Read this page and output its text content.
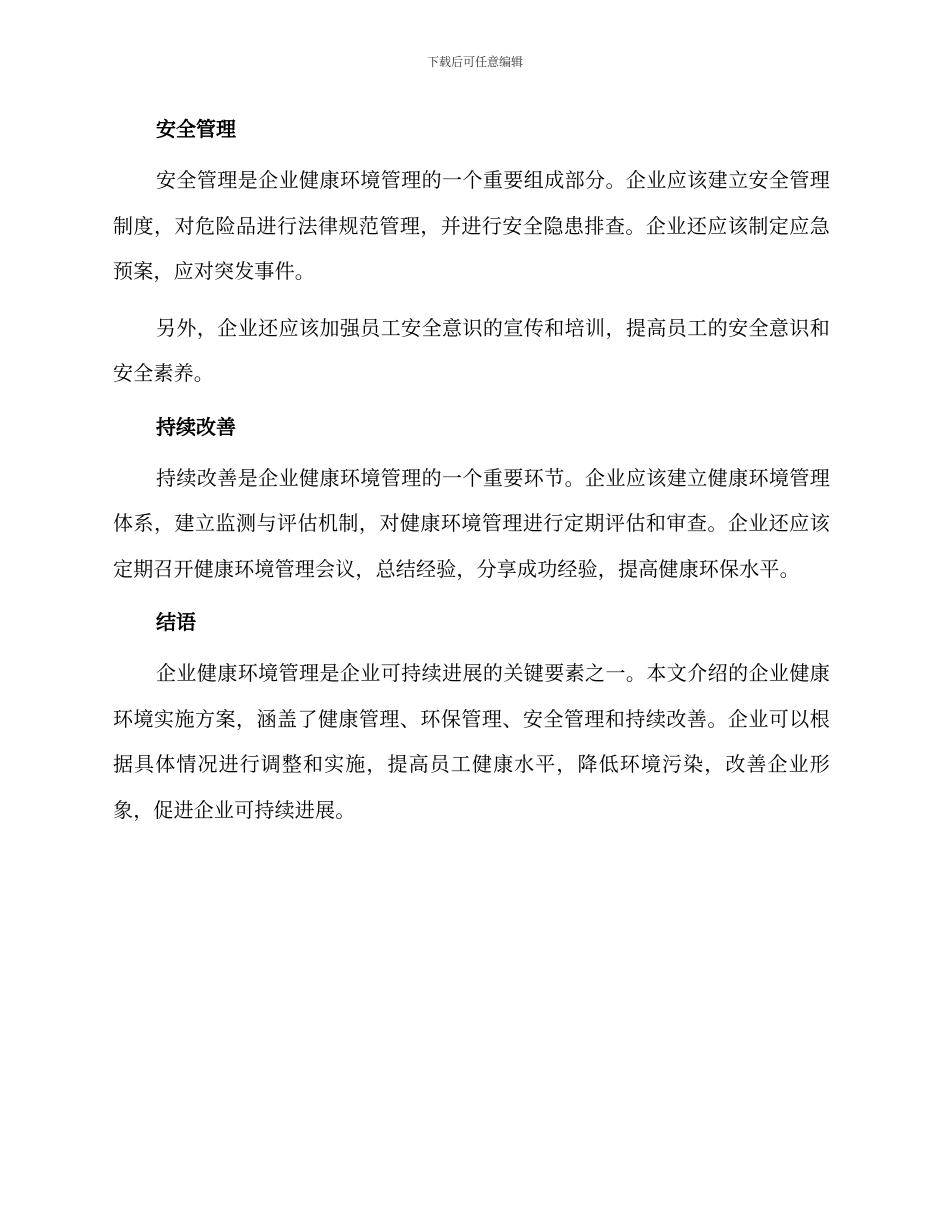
下载后可任意编辑
安全管理

安全管理是企业健康环境管理的一个重要组成部分。企业应该建立安全管理制度，对危险品进行法律规范管理，并进行安全隐患排查。企业还应该制定应急预案，应对突发事件。

另外，企业还应该加强员工安全意识的宣传和培训，提高员工的安全意识和安全素养。

持续改善

持续改善是企业健康环境管理的一个重要环节。企业应该建立健康环境管理体系，建立监测与评估机制，对健康环境管理进行定期评估和审查。企业还应该定期召开健康环境管理会议，总结经验，分享成功经验，提高健康环保水平。

结语

企业健康环境管理是企业可持续进展的关键要素之一。本文介绍的企业健康环境实施方案，涵盖了健康管理、环保管理、安全管理和持续改善。企业可以根据具体情况进行调整和实施，提高员工健康水平，降低环境污染，改善企业形象，促进企业可持续进展。
